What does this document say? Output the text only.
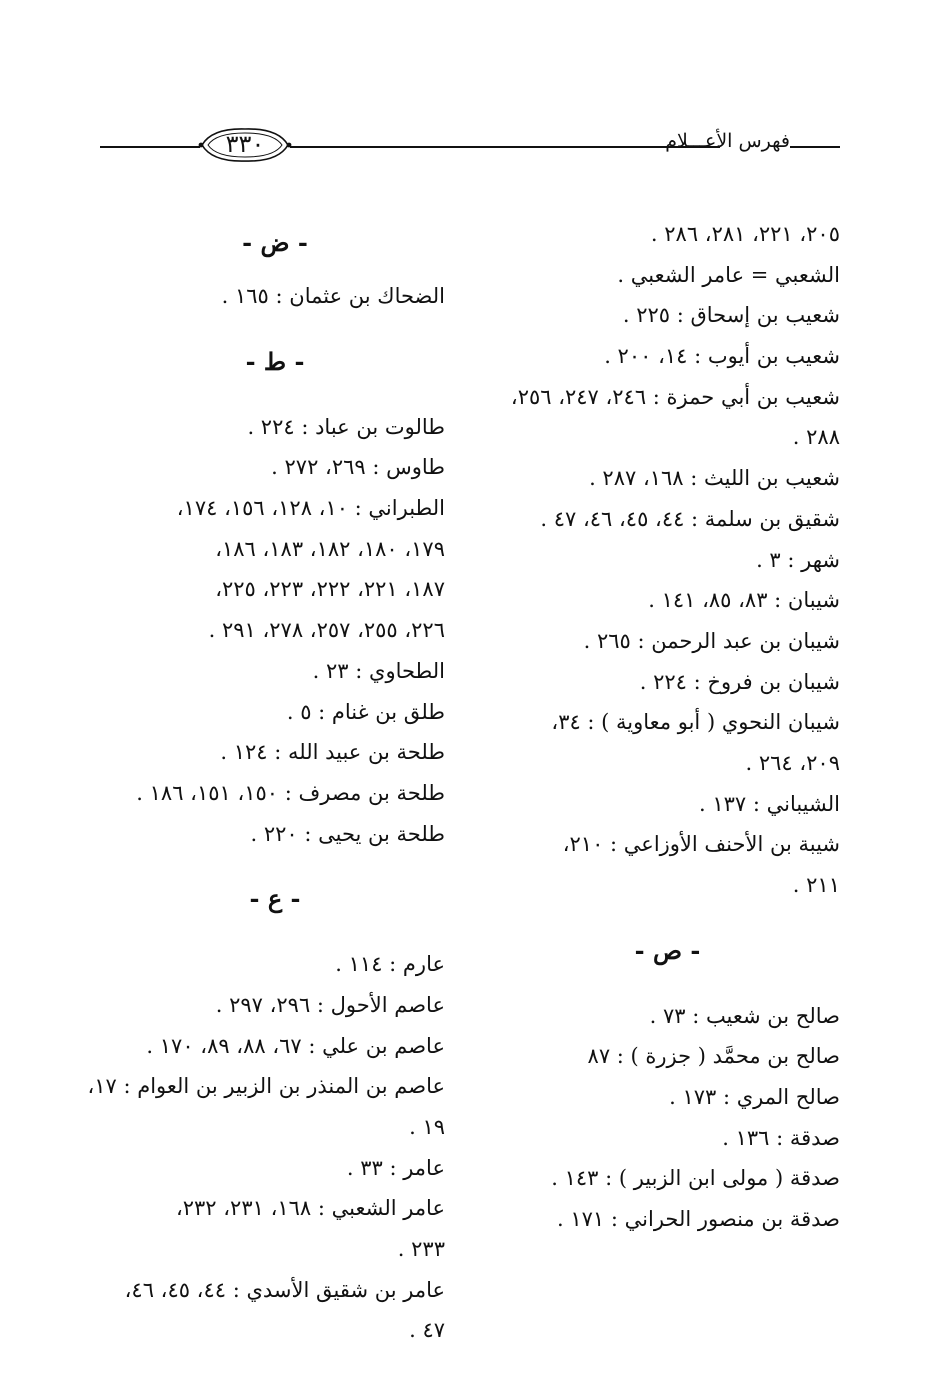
٣٣٠	فهرس الأعـــلام
٢٠٥، ٢٢١، ٢٨١، ٢٨٦ .
الشعبي = عامر الشعبي .
شعيب بن إسحاق : ٢٢٥ .
شعيب بن أيوب : ١٤، ٢٠٠ .
شعيب بن أبي حمزة : ٢٤٦، ٢٤٧، ٢٥٦،
٢٨٨ .
شعيب بن الليث : ١٦٨، ٢٨٧ .
شقيق بن سلمة : ٤٤، ٤٥، ٤٦، ٤٧ .
شهر : ٣ .
شيبان : ٨٣، ٨٥، ١٤١ .
شيبان بن عبد الرحمن : ٢٦٥ .
شيبان بن فروخ : ٢٢٤ .
شيبان النحوي ( أبو معاوية ) : ٣٤،
٢٠٩، ٢٦٤ .
الشيباني : ١٣٧ .
شيبة بن الأحنف الأوزاعي : ٢١٠،
٢١١ .
- ص -
صالح بن شعيب : ٧٣ .
صالح بن محمَّد ( جزرة ) : ٨٧
صالح المري : ١٧٣ .
صدقة : ١٣٦ .
صدقة ( مولى ابن الزبير ) : ١٤٣ .
صدقة بن منصور الحراني : ١٧١ .
- ض -
الضحاك بن عثمان : ١٦٥ .
- ط -
طالوت بن عباد : ٢٢٤ .
طاوس : ٢٦٩، ٢٧٢ .
الطبراني : ١٠، ١٢٨، ١٥٦، ١٧٤،
١٧٩، ١٨٠، ١٨٢، ١٨٣، ١٨٦،
١٨٧، ٢٢١، ٢٢٢، ٢٢٣، ٢٢٥،
٢٢٦، ٢٥٥، ٢٥٧، ٢٧٨، ٢٩١ .
الطحاوي : ٢٣ .
طلق بن غنام : ٥ .
طلحة بن عبيد الله : ١٢٤ .
طلحة بن مصرف : ١٥٠، ١٥١، ١٨٦ .
طلحة بن يحيى : ٢٢٠ .
- ع -
عارم : ١١٤ .
عاصم الأحول : ٢٩٦، ٢٩٧ .
عاصم بن علي : ٦٧، ٨٨، ٨٩، ١٧٠ .
عاصم بن المنذر بن الزبير بن العوام : ١٧،
١٩ .
عامر : ٣٣ .
عامر الشعبي : ١٦٨، ٢٣١، ٢٣٢،
٢٣٣ .
عامر بن شقيق الأسدي : ٤٤، ٤٥، ٤٦،
٤٧ .
